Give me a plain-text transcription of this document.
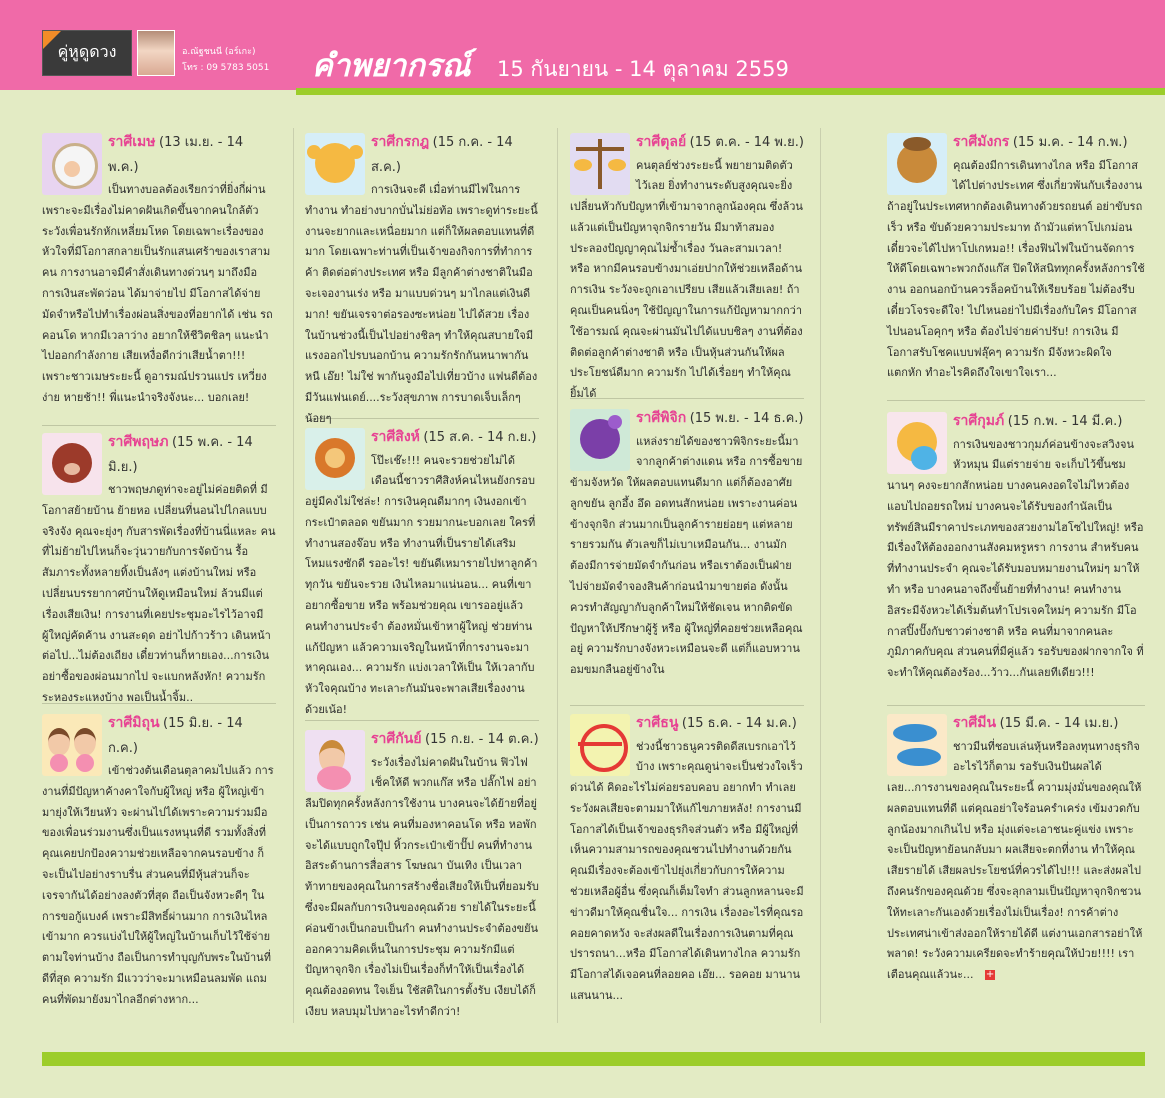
คู่หูดูดวง	อ.ณัฐชนนี (อร์เกะ)
โทร : 09 5783 5051 คำพยากรณ์ 15 กันยายน - 14 ตุลาคม 2559
ราศีเมษ (13 เม.ย. - 14 พ.ค.)
เป็นทางบอลต้องเรียกว่าที่ยิ่งกี่ผ่าน เพราะจะมีเรื่องไม่คาดฝันเกิดขึ้นจากคนใกล้ตัว ระวังเพื่อนรักหักเหลี่ยมโหด โดยเฉพาะเรื่องของหัวใจที่มีโอกาสกลายเป็นรักแสนเศร้าของเราสามคน การงานอาจมีคำสั่งเดินทางด่วนๆ มาถึงมือ การเงินสะพัดว่อน ได้มาจ่ายไป มีโอกาสได้จ่ายมัดจำหรือไปทำเรื่องผ่อนสิ่งของที่อยากได้ เช่น รถ คอนโด หากมีเวลาว่าง อยากให้ชีวิตชิลๆ แนะนำไปออกกำลังกาย เสียเหงื่อดีกว่าเสียน้ำตา!!! เพราะชาวเมษระยะนี้ ดูอารมณ์ปรวนแปร เหวี่ยงง่าย หายช้า!! พี่แนะนำจริงจังนะ... บอกเลย!
ราศีพฤษภ (15 พ.ค. - 14 มิ.ย.)
ชาวพฤษภดูท่าจะอยู่ไม่ค่อยติดที่ มีโอกาสย้ายบ้าน ย้ายหอ เปลี่ยนที่นอนไปไกลแบบจริงจัง คุณจะยุ่งๆ กับสารพัดเรื่องที่บ้านนี่แหละ คนที่ไม่ย้ายไปไหนก็จะวุ่นวายกับการจัดบ้าน รื้อสัมภาระทั้งหลายทิ้งเป็นลังๆ แต่งบ้านใหม่ หรือเปลี่ยนบรรยากาศบ้านให้ดูเหมือนใหม่ ล้วนมีแต่เรื่องเสียเงิน! การงานที่เคยประชุมอะไรไว้อาจมีผู้ใหญ่คัดค้าน งานสะดุด อย่าไปก้าวร้าว เดินหน้าต่อไป...ไม่ต้องเถียง เดี๋ยวท่านก็หายเอง...การเงิน อย่าซื้อของผ่อนมากไป จะแบกหลังหัก! ความรักระหองระแหงบ้าง พอเป็นน้ำจิ้ม..
ราศีมิถุน (15 มิ.ย. - 14 ก.ค.)
เข้าช่วงต้นเดือนตุลาคมไปแล้ว การงานที่มีปัญหาค้างคาใจกับผู้ใหญ่ หรือ ผู้ใหญ่เข้ามายุ่งให้เวียนหัว จะผ่านไปได้เพราะความร่วมมือของเพื่อนร่วมงานซึ่งเป็นแรงหนุนที่ดี รวมทั้งสิ่งที่คุณเคยปกป้องความช่วยเหลือจากคนรอบข้าง ก็จะเป็นไปอย่างราบรื่น ส่วนคนที่มีหุ้นส่วนก็จะเจรจากันได้อย่างลงตัวที่สุด ถือเป็นจังหวะดีๆ ในการขอกู้แบงค์ เพราะมีสิทธิ์ผ่านมาก การเงินไหลเข้ามาก ควรแบ่งไปให้ผู้ใหญ่ในบ้านเก็บไว้ใช้จ่ายตามใจท่านบ้าง ถือเป็นการทำบุญกับพระในบ้านที่ดีที่สุด ความรัก มีแววว่าจะมาเหมือนลมพัด แถมคนที่พัดมายังมาไกลอีกต่างหาก...
ราศีกรกฎ (15 ก.ค. - 14 ส.ค.)
การเงินจะดี เมื่อท่านมีไฟในการทำงาน ทำอย่างบากบั่นไม่ย่อท้อ เพราะดูท่าระยะนี้งานจะยากและเหนื่อยมาก แต่ก็ให้ผลตอบแทนที่ดีมาก โดยเฉพาะท่านที่เป็นเจ้าของกิจการที่ทำการค้า ติดต่อต่างประเทศ หรือ มีลูกค้าต่างชาติในมือจะเจองานเร่ง หรือ มาแบบด่วนๆ มาไกลแต่เงินดีมาก! ขยันเจรจาต่อรองซะหน่อย ไปได้สวย เรื่องในบ้านช่วงนี้เป็นไปอย่างชิลๆ ทำให้คุณสบายใจมีแรงออกไปรบนอกบ้าน ความรักรักกันหนาพากันหนี เอ๊ย! ไม่ใช่ พากันจูงมือไปเที่ยวบ้าง แฟนดีต้องมีวันแฟนเดย์....ระวังสุขภาพ การบาดเจ็บเล็กๆ น้อยๆ
ราศีสิงห์ (15 ส.ค. - 14 ก.ย.)
โป๊ะเช๊ะ!!! คนจะรวยช่วยไม่ได้ เดือนนี้ชาวราศีสิงห์คนไหนยังกรอบอยู่มีคงไม่ใช่ล่ะ! การเงินคุณดีมากๆ เงินงอกเข้ากระเป๋าตลอด ขยันมาก รวยมากนะบอกเลย ใครที่ทำงานสองจ๊อบ หรือ ทำงานที่เป็นรายได้เสริม โหมแรงซักดี รออะไร! ขยันดีเหมารายไปหาลูกค้าทุกวัน ขยันจะรวย เงินไหลมาแน่นอน... คนที่เขาอยากซื้อขาย หรือ พร้อมช่วยคุณ เขารออยู่แล้ว คนทำงานประจำ ต้องหมั่นเข้าหาผู้ใหญ่ ช่วยท่านแก้ปัญหา แล้วความเจริญในหน้าที่การงานจะมาหาคุณเอง... ความรัก แบ่งเวลาให้เป็น ให้เวลากับหัวใจคุณบ้าง ทะเลาะกันมันจะพาลเสียเรื่องงานด้วยเน้อ!
ราศีกันย์ (15 ก.ย. - 14 ต.ค.)
ระวังเรื่องไม่คาดฝันในบ้าน ฟิวไฟเช็คให้ดี พวกแก๊ส หรือ ปลั๊กไฟ อย่าลืมปิดทุกครั้งหลังการใช้งาน บางคนจะได้ย้ายที่อยู่เป็นการถาวร เช่น คนที่มองหาคอนโด หรือ หอพัก จะได้แบบถูกใจปุ๊ป หิ้วกระเป๋าเข้าปั๊ป คนที่ทำงานอิสระด้านการสื่อสาร โฆษณา บันเทิง เป็นเวลาท้าทายของคุณในการสร้างชื่อเสียงให้เป็นที่ยอมรับ ซึ่งจะมีผลกับการเงินของคุณด้วย รายได้ในระยะนี้ค่อนข้างเป็นกอบเป็นกำ คนทำงานประจำต้องขยันออกความคิดเห็นในการประชุม ความรักมีแต่ปัญหาจุกจิก เรื่องไม่เป็นเรื่องก็ทำให้เป็นเรื่องได้ คุณต้องอดทน ใจเย็น ใช้สติในการตั้งรับ เงียบได้ก็เงียบ หลบมุมไปหาอะไรทำดีกว่า!
ราศีตุลย์ (15 ต.ค. - 14 พ.ย.)
คนตุลย์ช่วงระยะนี้ พยายามติดตัวไว้เลย ยิ่งทำงานระดับสูงคุณจะยิ่งเปลี่ยนหัวกับปัญหาที่เข้ามาจากลูกน้องคุณ ซึ่งล้วนแล้วแต่เป็นปัญหาจุกจิกรายวัน มีมาท้าสมองประลองปัญญาคุณไม่ซ้ำเรื่อง วันละสามเวลา! หรือ หากมีคนรอบข้างมาเอ่ยปากให้ช่วยเหลือด้านการเงิน ระวังจะถูกเอาเปรียบ เสียแล้วเสียเลย! ถ้าคุณเป็นคนนิ่งๆ ใช้ปัญญาในการแก้ปัญหามากกว่าใช้อารมณ์ คุณจะผ่านมันไปได้แบบชิลๆ งานที่ต้องติดต่อลูกค้าต่างชาติ หรือ เป็นหุ้นส่วนกันให้ผลประโยชน์ดีมาก ความรัก ไปได้เรื่อยๆ ทำให้คุณยิ้มได้
ราศีพิจิก (15 พ.ย. - 14 ธ.ค.)
แหล่งรายได้ของชาวพิจิกระยะนี้มาจากลูกค้าต่างแดน หรือ การซื้อขายข้ามจังหวัด ให้ผลตอบแทนดีมาก แต่ก็ต้องอาศัยลูกขยัน ลูกอึ้ง อึด อดทนสักหน่อย เพราะงานค่อนข้างจุกจิก ส่วนมากเป็นลูกค้ารายย่อยๆ แต่หลายรายรวมกัน ตัวเลขก็ไม่เบาเหมือนกัน... งานมักต้องมีการจ่ายมัดจำกันก่อน หรือเราต้องเป็นฝ่ายไปจ่ายมัดจำจองสินค้าก่อนนำมาขายต่อ ดังนั้นควรทำสัญญากับลูกค้าใหม่ให้ชัดเจน หากติดขัดปัญหาให้ปรึกษาผู้รู้ หรือ ผู้ใหญ่ที่คอยช่วยเหลือคุณอยู่ ความรักบางจังหวะเหมือนจะดี แต่ก็แอบหวานอมขมกลืนอยู่ข้างใน
ราศีธนู (15 ธ.ค. - 14 ม.ค.)
ช่วงนี้ชาวธนูควรติดดีสเบรกเอาไว้บ้าง เพราะคุณดูน่าจะเป็นช่วงใจเร็วด่วนได้ คิดอะไรไม่ค่อยรอบคอบ อยากทำ ทำเลย ระวังผลเสียจะตามมาให้แก้ไขภายหลัง! การงานมีโอกาสได้เป็นเจ้าของธุรกิจส่วนตัว หรือ มีผู้ใหญ่ที่เห็นความสามารถของคุณชวนไปทำงานด้วยกัน คุณมีเรื่องจะต้องเข้าไปยุ่งเกี่ยวกับการให้ความช่วยเหลือผู้อื่น ซึ่งคุณก็เต็มใจทำ ส่วนลูกหลานจะมีข่าวดีมาให้คุณชื่นใจ... การเงิน เรื่องอะไรที่คุณรอคอยคาดหวัง จะส่งผลดีในเรื่องการเงินตามที่คุณปรารถนา...หรือ มีโอกาสได้เดินทางไกล ความรัก มีโอกาสได้เจอคนที่ลอยคอ เอ๊ย... รอคอย มานานแสนนาน...
ราศีมังกร (15 ม.ค. - 14 ก.พ.)
คุณต้องมีการเดินทางไกล หรือ มีโอกาสได้ไปต่างประเทศ ซึ่งเกี่ยวพันกับเรื่องงาน ถ้าอยู่ในประเทศหากต้องเดินทางด้วยรถยนต์ อย่าขับรถเร็ว หรือ ขับด้วยความประมาท ถ้ามัวแต่หาโปเกม่อน เดี๋ยวจะได้ไปหาโปเกหมอ!! เรื่องฟินไฟในบ้านจัดการให้ดีโดยเฉพาะพวกถังแก๊ส ปิดให้สนิททุกครั้งหลังการใช้งาน ออกนอกบ้านควรล็อคบ้านให้เรียบร้อย ไม่ต้องรีบ เดี๋ยวโจรจะดีใจ! ไปไหนอย่าไปมีเรื่องกับใคร มีโอกาสไปนอนโอคุกๆ หรือ ต้องไปจ่ายค่าปรับ! การเงิน มีโอกาสรับโชคแบบฟลุ๊คๆ ความรัก มีจังหวะผิดใจ แตกหัก ทำอะไรคิดถึงใจเขาใจเรา...
ราศีกุมภ์ (15 ก.พ. - 14 มี.ค.)
การเงินของชาวกุมภ์ค่อนข้างจะสวิงจนหัวหมุน มีแต่รายจ่าย จะเก็บไว้ขึ้นชมนานๆ คงจะยากสักหน่อย บางคนคงอดใจไม่ไหวต้องแอบไปถอยรถใหม่ บางคนจะได้รับของกำนัลเป็นทรัพย์สินมีราคาประเภทของสวยงามไฮโซไปใหญ่! หรือ มีเรื่องให้ต้องออกงานสังคมหรูหรา การงาน สำหรับคนที่ทำงานประจำ คุณจะได้รับมอบหมายงานใหม่ๆ มาให้ทำ หรือ บางคนอาจถึงขั้นย้ายที่ทำงาน! คนทำงานอิสระมีจังหวะได้เริ่มต้นทำโปรเจคใหม่ๆ ความรัก มีโอกาสปิ๊งปั๊งกับชาวต่างชาติ หรือ คนที่มาจากคนละภูมิภาคกับคุณ ส่วนคนที่มีคู่แล้ว รอรับของฝากจากใจ ที่จะทำให้คุณต้องร้อง...ว้าว...กันเลยทีเดียว!!!
ราศีมีน (15 มี.ค. - 14 เม.ย.)
ชาวมีนที่ชอบเล่นหุ้นหรือลงทุนทางธุรกิจอะไรไว้ก็ตาม รอรับเงินปันผลได้เลย...การงานของคุณในระยะนี้ ความมุ่งมั่นของคุณให้ผลตอบแทนที่ดี แต่คุณอย่าใจร้อนครำเคร่ง เข้มงวดกับลูกน้องมากเกินไป หรือ มุ่งแต่จะเอาชนะคู่แข่ง เพราะจะเป็นปัญหาย้อนกลับมา ผลเสียจะตกที่งาน ทำให้คุณเสียรายได้ เสียผลประโยชน์ที่ควรได้ไป!!! และส่งผลไปถึงคนรักของคุณด้วย ซึ่งจะลุกลามเป็นปัญหาจุกจิกชวนให้ทะเลาะกันเองด้วยเรื่องไม่เป็นเรื่อง! การค้าต่างประเทศน่าเข้าส่งออกให้รายได้ดี แต่งานเอกสารอย่าให้พลาด! ระวังความเครียดจะทำร้ายคุณให้ป่วย!!!! เราเตือนคุณแล้วนะ... +
